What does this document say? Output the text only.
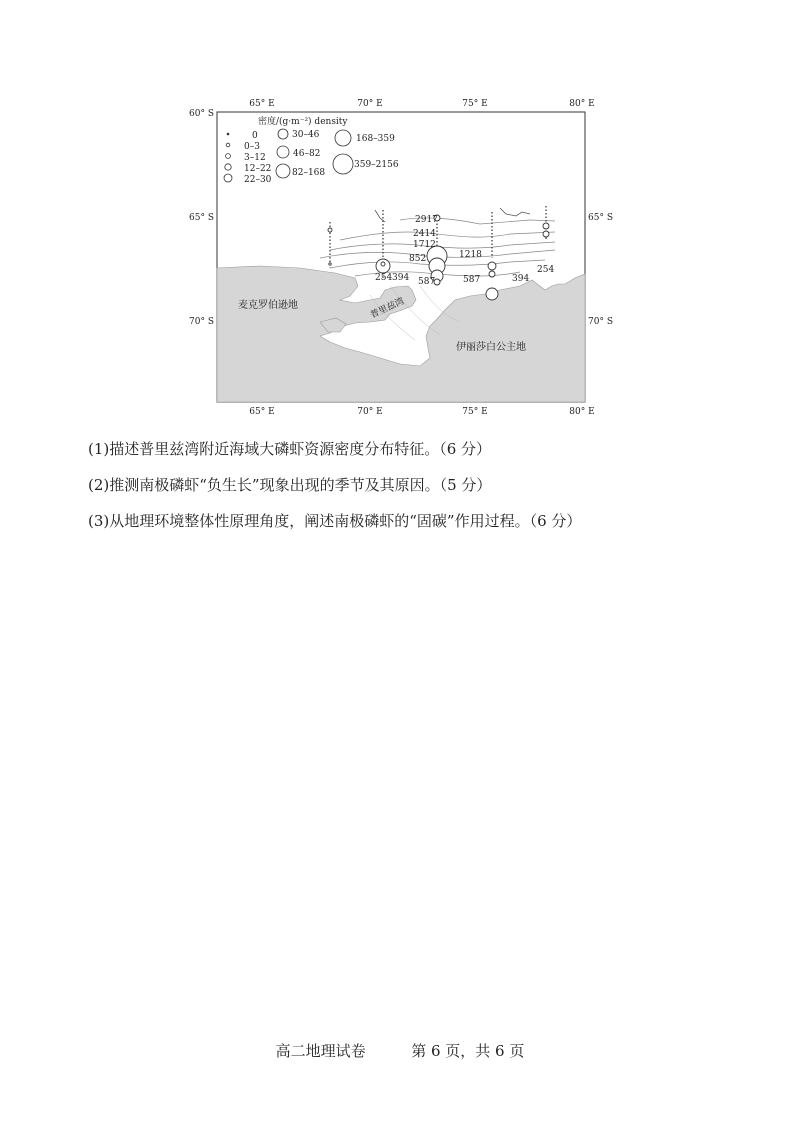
密度/(g·m⁻²) density
0
0–3
3–12
12–22
22–30
30–46
46–82
82–168
168–359
359–2156
65° E	70° E	75° E	80° E
65° E	70° E	75° E	80° E
60° S
65° S
70° S
65° S
70° S
2917
2414
1712
852	1218
254 394 587	587	394
254
麦克罗伯逊地	普里兹湾
伊丽莎白公主地
(1)描述普里兹湾附近海域大磷虾资源密度分布特征。（6 分）
(2)推测南极磷虾“负生长”现象出现的季节及其原因。（5 分）
(3)从地理环境整体性原理角度，阐述南极磷虾的“固碳”作用过程。（6 分）
高二地理试卷	第 6 页，共 6 页
